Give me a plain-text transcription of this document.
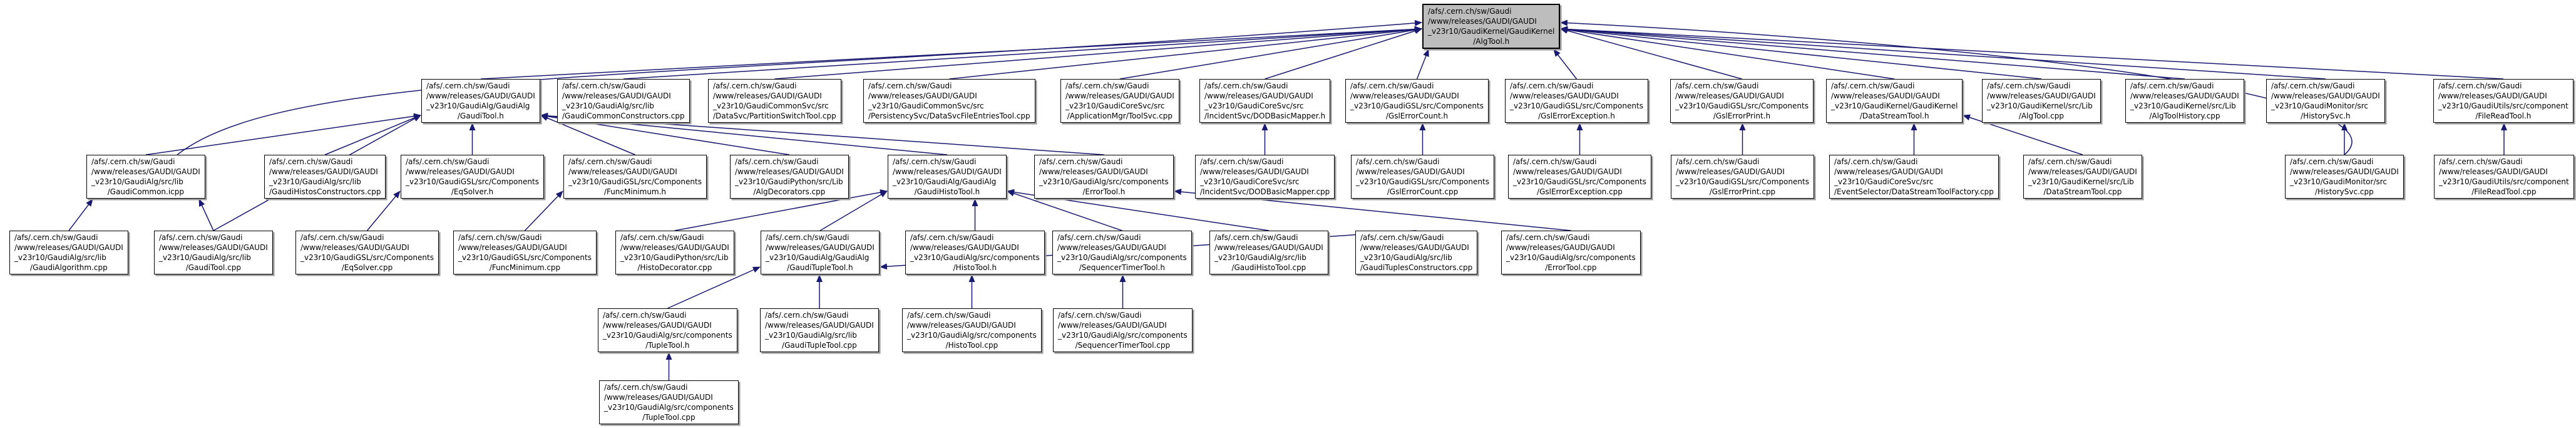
/afs/.cern.ch/sw/Gaudi
/www/releases/GAUDI/GAUDI
_v23r10/GaudiKernel/GaudiKernel
/AlgTool.h
/afs/.cern.ch/sw/Gaudi
/www/releases/GAUDI/GAUDI
_v23r10/GaudiAlg/GaudiAlg
/GaudiTool.h
/afs/.cern.ch/sw/Gaudi
/www/releases/GAUDI/GAUDI
_v23r10/GaudiAlg/src/lib
/GaudiCommonConstructors.cpp
/afs/.cern.ch/sw/Gaudi
/www/releases/GAUDI/GAUDI
_v23r10/GaudiCommonSvc/src
/DataSvc/PartitionSwitchTool.cpp
/afs/.cern.ch/sw/Gaudi
/www/releases/GAUDI/GAUDI
_v23r10/GaudiCommonSvc/src
/PersistencySvc/DataSvcFileEntriesTool.cpp
/afs/.cern.ch/sw/Gaudi
/www/releases/GAUDI/GAUDI
_v23r10/GaudiCoreSvc/src
/ApplicationMgr/ToolSvc.cpp
/afs/.cern.ch/sw/Gaudi
/www/releases/GAUDI/GAUDI
_v23r10/GaudiCoreSvc/src
/IncidentSvc/DODBasicMapper.h
/afs/.cern.ch/sw/Gaudi
/www/releases/GAUDI/GAUDI
_v23r10/GaudiGSL/src/Components
/GslErrorCount.h
/afs/.cern.ch/sw/Gaudi
/www/releases/GAUDI/GAUDI
_v23r10/GaudiGSL/src/Components
/GslErrorException.h
/afs/.cern.ch/sw/Gaudi
/www/releases/GAUDI/GAUDI
_v23r10/GaudiGSL/src/Components
/GslErrorPrint.h
/afs/.cern.ch/sw/Gaudi
/www/releases/GAUDI/GAUDI
_v23r10/GaudiKernel/GaudiKernel
/DataStreamTool.h
/afs/.cern.ch/sw/Gaudi
/www/releases/GAUDI/GAUDI
_v23r10/GaudiKernel/src/Lib
/AlgTool.cpp
/afs/.cern.ch/sw/Gaudi
/www/releases/GAUDI/GAUDI
_v23r10/GaudiKernel/src/Lib
/AlgToolHistory.cpp
/afs/.cern.ch/sw/Gaudi
/www/releases/GAUDI/GAUDI
_v23r10/GaudiMonitor/src
/HistorySvc.h
/afs/.cern.ch/sw/Gaudi
/www/releases/GAUDI/GAUDI
_v23r10/GaudiUtils/src/component
/FileReadTool.h
/afs/.cern.ch/sw/Gaudi
/www/releases/GAUDI/GAUDI
_v23r10/GaudiAlg/src/lib
/GaudiCommon.icpp
/afs/.cern.ch/sw/Gaudi
/www/releases/GAUDI/GAUDI
_v23r10/GaudiAlg/src/lib
/GaudiHistosConstructors.cpp
/afs/.cern.ch/sw/Gaudi
/www/releases/GAUDI/GAUDI
_v23r10/GaudiGSL/src/Components
/EqSolver.h
/afs/.cern.ch/sw/Gaudi
/www/releases/GAUDI/GAUDI
_v23r10/GaudiGSL/src/Components
/FuncMinimum.h
/afs/.cern.ch/sw/Gaudi
/www/releases/GAUDI/GAUDI
_v23r10/GaudiPython/src/Lib
/AlgDecorators.cpp
/afs/.cern.ch/sw/Gaudi
/www/releases/GAUDI/GAUDI
_v23r10/GaudiAlg/GaudiAlg
/GaudiHistoTool.h
/afs/.cern.ch/sw/Gaudi
/www/releases/GAUDI/GAUDI
_v23r10/GaudiAlg/src/components
/ErrorTool.h
/afs/.cern.ch/sw/Gaudi
/www/releases/GAUDI/GAUDI
_v23r10/GaudiCoreSvc/src
/IncidentSvc/DODBasicMapper.cpp
/afs/.cern.ch/sw/Gaudi
/www/releases/GAUDI/GAUDI
_v23r10/GaudiGSL/src/Components
/GslErrorCount.cpp
/afs/.cern.ch/sw/Gaudi
/www/releases/GAUDI/GAUDI
_v23r10/GaudiGSL/src/Components
/GslErrorException.cpp
/afs/.cern.ch/sw/Gaudi
/www/releases/GAUDI/GAUDI
_v23r10/GaudiGSL/src/Components
/GslErrorPrint.cpp
/afs/.cern.ch/sw/Gaudi
/www/releases/GAUDI/GAUDI
_v23r10/GaudiCoreSvc/src
/EventSelector/DataStreamToolFactory.cpp
/afs/.cern.ch/sw/Gaudi
/www/releases/GAUDI/GAUDI
_v23r10/GaudiKernel/src/Lib
/DataStreamTool.cpp
/afs/.cern.ch/sw/Gaudi
/www/releases/GAUDI/GAUDI
_v23r10/GaudiMonitor/src
/HistorySvc.cpp
/afs/.cern.ch/sw/Gaudi
/www/releases/GAUDI/GAUDI
_v23r10/GaudiUtils/src/component
/FileReadTool.cpp
/afs/.cern.ch/sw/Gaudi
/www/releases/GAUDI/GAUDI
_v23r10/GaudiAlg/src/lib
/GaudiAlgorithm.cpp
/afs/.cern.ch/sw/Gaudi
/www/releases/GAUDI/GAUDI
_v23r10/GaudiAlg/src/lib
/GaudiTool.cpp
/afs/.cern.ch/sw/Gaudi
/www/releases/GAUDI/GAUDI
_v23r10/GaudiGSL/src/Components
/EqSolver.cpp
/afs/.cern.ch/sw/Gaudi
/www/releases/GAUDI/GAUDI
_v23r10/GaudiGSL/src/Components
/FuncMinimum.cpp
/afs/.cern.ch/sw/Gaudi
/www/releases/GAUDI/GAUDI
_v23r10/GaudiPython/src/Lib
/HistoDecorator.cpp
/afs/.cern.ch/sw/Gaudi
/www/releases/GAUDI/GAUDI
_v23r10/GaudiAlg/GaudiAlg
/GaudiTupleTool.h
/afs/.cern.ch/sw/Gaudi
/www/releases/GAUDI/GAUDI
_v23r10/GaudiAlg/src/components
/HistoTool.h
/afs/.cern.ch/sw/Gaudi
/www/releases/GAUDI/GAUDI
_v23r10/GaudiAlg/src/components
/SequencerTimerTool.h
/afs/.cern.ch/sw/Gaudi
/www/releases/GAUDI/GAUDI
_v23r10/GaudiAlg/src/lib
/GaudiHistoTool.cpp
/afs/.cern.ch/sw/Gaudi
/www/releases/GAUDI/GAUDI
_v23r10/GaudiAlg/src/lib
/GaudiTuplesConstructors.cpp
/afs/.cern.ch/sw/Gaudi
/www/releases/GAUDI/GAUDI
_v23r10/GaudiAlg/src/components
/ErrorTool.cpp
/afs/.cern.ch/sw/Gaudi
/www/releases/GAUDI/GAUDI
_v23r10/GaudiAlg/src/components
/TupleTool.h
/afs/.cern.ch/sw/Gaudi
/www/releases/GAUDI/GAUDI
_v23r10/GaudiAlg/src/lib
/GaudiTupleTool.cpp
/afs/.cern.ch/sw/Gaudi
/www/releases/GAUDI/GAUDI
_v23r10/GaudiAlg/src/components
/HistoTool.cpp
/afs/.cern.ch/sw/Gaudi
/www/releases/GAUDI/GAUDI
_v23r10/GaudiAlg/src/components
/SequencerTimerTool.cpp
/afs/.cern.ch/sw/Gaudi
/www/releases/GAUDI/GAUDI
_v23r10/GaudiAlg/src/components
/TupleTool.cpp
